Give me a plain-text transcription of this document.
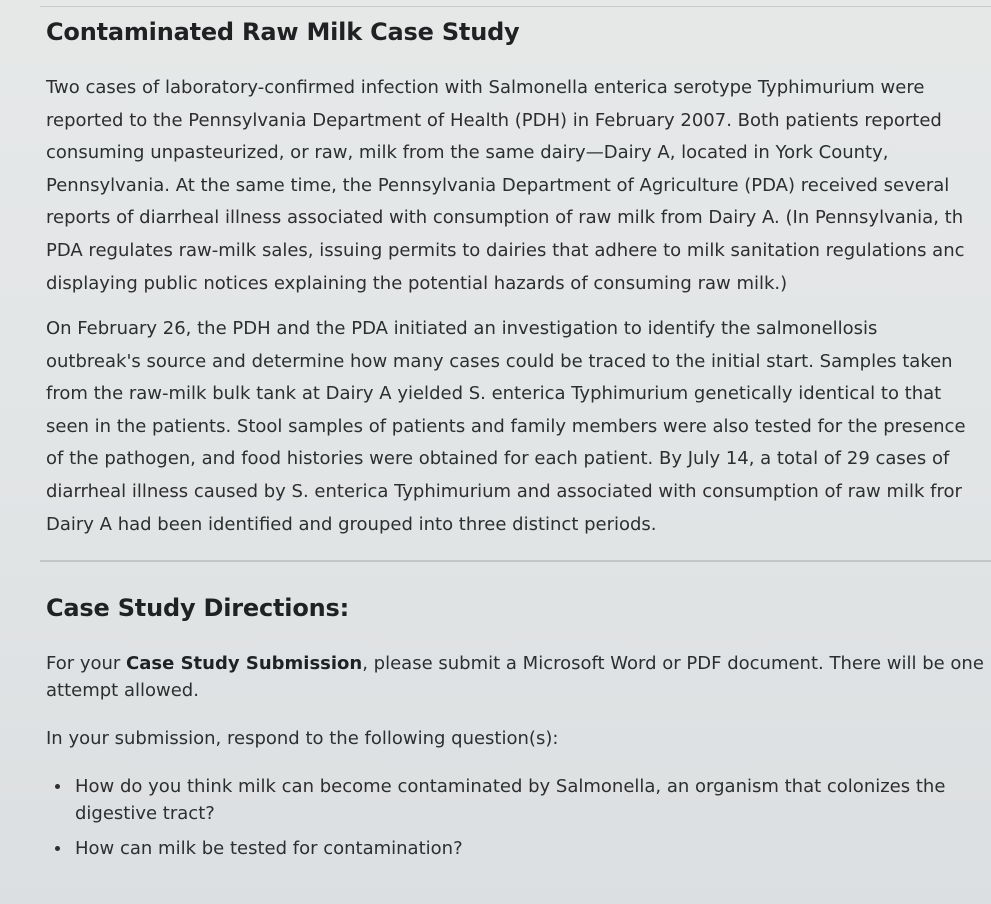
Contaminated Raw Milk Case Study

Two cases of laboratory-confirmed infection with Salmonella enterica serotype Typhimurium were

reported to the Pennsylvania Department of Health (PDH) in February 2007. Both patients reported

consuming unpasteurized, or raw, milk from the same dairy—Dairy A, located in York County,

Pennsylvania. At the same time, the Pennsylvania Department of Agriculture (PDA) received several

reports of diarrheal illness associated with consumption of raw milk from Dairy A. (In Pennsylvania, th

PDA regulates raw-milk sales, issuing permits to dairies that adhere to milk sanitation regulations anc

displaying public notices explaining the potential hazards of consuming raw milk.)

On February 26, the PDH and the PDA initiated an investigation to identify the salmonellosis

outbreak's source and determine how many cases could be traced to the initial start. Samples taken

from the raw-milk bulk tank at Dairy A yielded S. enterica Typhimurium genetically identical to that

seen in the patients. Stool samples of patients and family members were also tested for the presence

of the pathogen, and food histories were obtained for each patient. By July 14, a total of 29 cases of

diarrheal illness caused by S. enterica Typhimurium and associated with consumption of raw milk fror

Dairy A had been identified and grouped into three distinct periods.

Case Study Directions:

For your Case Study Submission, please submit a Microsoft Word or PDF document. There will be one

attempt allowed.

In your submission, respond to the following question(s):

How do you think milk can become contaminated by Salmonella, an organism that colonizes the
digestive tract?
How can milk be tested for contamination?
